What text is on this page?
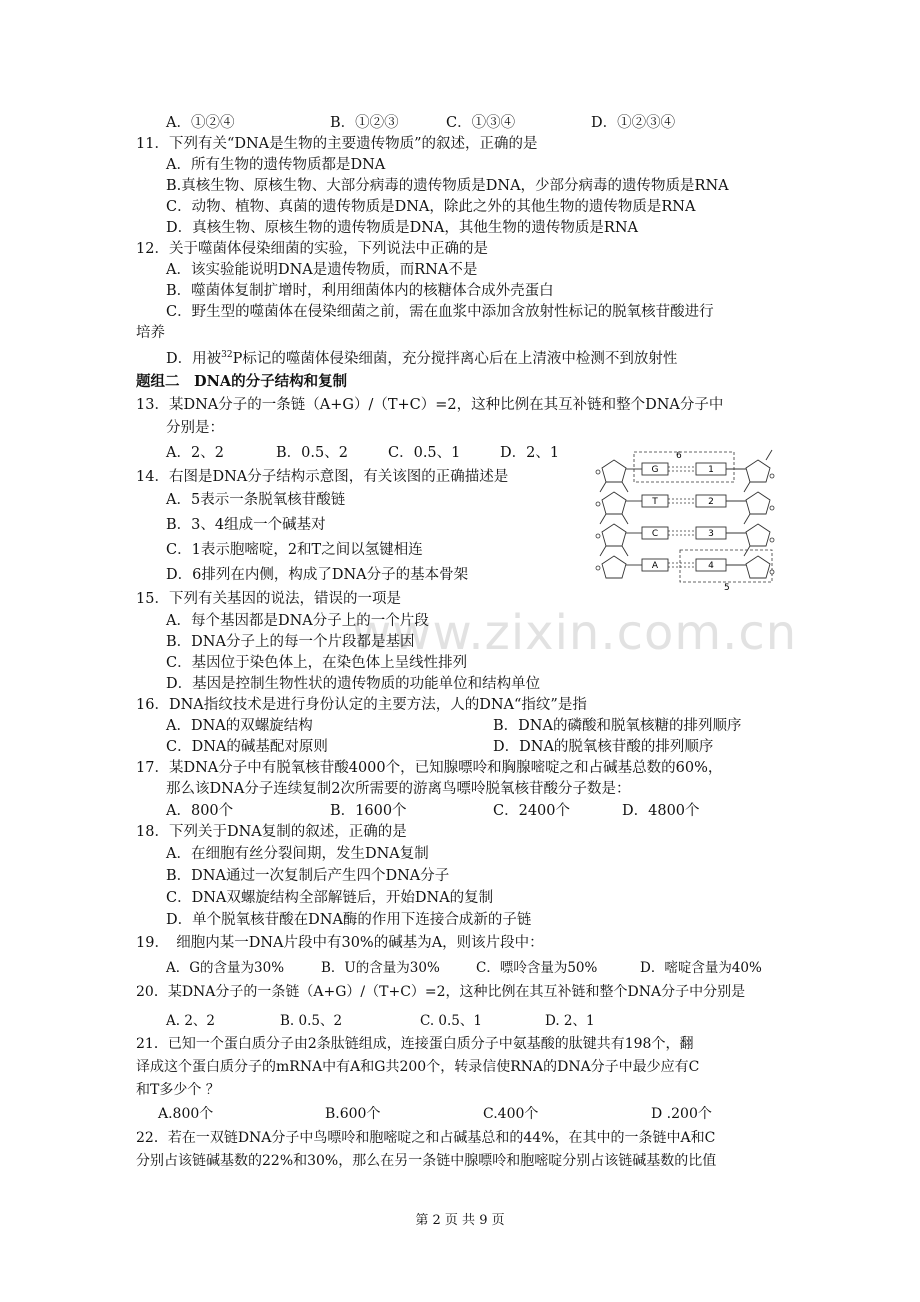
www.zixin.com.cn
A．①②④	B．①②③	C．①③④	D．①②③④
11．下列有关“DNA是生物的主要遗传物质”的叙述，正确的是
A．所有生物的遗传物质都是DNA
B.真核生物、原核生物、大部分病毒的遗传物质是DNA，少部分病毒的遗传物质是RNA
C．动物、植物、真菌的遗传物质是DNA，除此之外的其他生物的遗传物质是RNA
D．真核生物、原核生物的遗传物质是DNA，其他生物的遗传物质是RNA
12．关于噬菌体侵染细菌的实验，下列说法中正确的是
A．该实验能说明DNA是遗传物质，而RNA不是
B．噬菌体复制扩增时，利用细菌体内的核糖体合成外壳蛋白
C．野生型的噬菌体在侵染细菌之前，需在血浆中添加含放射性标记的脱氧核苷酸进行
培养
D．用被$^{32}$P标记的噬菌体侵染细菌，充分搅拌离心后在上清液中检测不到放射性
题组二　DNA的分子结构和复制
13．某DNA分子的一条链（A+G）/（T+C）=2，这种比例在其互补链和整个DNA分子中
分别是：
A．2、2	B．0.5、2	C．0.5、1	D．2、1
14．右图是DNA分子结构示意图，有关该图的正确描述是
A．5表示一条脱氧核苷酸链
B．3、4组成一个碱基对
C．1表示胞嘧啶，2和T之间以氢键相连
D．6排列在内侧，构成了DNA分子的基本骨架
6
5
G
T
C
A
1
2
3
4
15．下列有关基因的说法，错误的一项是
A．每个基因都是DNA分子上的一个片段
B．DNA分子上的每一个片段都是基因
C．基因位于染色体上，在染色体上呈线性排列
D．基因是控制生物性状的遗传物质的功能单位和结构单位
16．DNA指纹技术是进行身份认定的主要方法，人的DNA“指纹”是指
A．DNA的双螺旋结构	B．DNA的磷酸和脱氧核糖的排列顺序
C．DNA的碱基配对原则	D．DNA的脱氧核苷酸的排列顺序
17．某DNA分子中有脱氧核苷酸4000个，已知腺嘌呤和胸腺嘧啶之和占碱基总数的60%，
那么该DNA分子连续复制2次所需要的游离鸟嘌呤脱氧核苷酸分子数是：
A．800个	B．1600个	C．2400个	D．4800个
18．下列关于DNA复制的叙述，正确的是
A．在细胞有丝分裂间期，发生DNA复制
B．DNA通过一次复制后产生四个DNA分子
C．DNA双螺旋结构全部解链后，开始DNA的复制
D．单个脱氧核苷酸在DNA酶的作用下连接合成新的子链
19．　细胞内某一DNA片段中有30%的碱基为A，则该片段中：
A．G的含量为30%	B．U的含量为30%	C．嘌呤含量为50%	D．嘧啶含量为40%
20．某DNA分子的一条链（A+G）/（T+C）=2，这种比例在其互补链和整个DNA分子中分别是
A. 2、2	B. 0.5、2	C. 0.5、1	D. 2、1
21．已知一个蛋白质分子由2条肽链组成，连接蛋白质分子中氨基酸的肽键共有198个，翻
译成这个蛋白质分子的mRNA中有A和G共200个，转录信使RNA的DNA分子中最少应有C
和T多少个 ？
A.800个	B.600个	C.400个	D .200个
22．若在一双链DNA分子中鸟嘌呤和胞嘧啶之和占碱基总和的44%，在其中的一条链中A和C
分别占该链碱基数的22%和30%，那么在另一条链中腺嘌呤和胞嘧啶分别占该链碱基数的比值
第 2 页 共 9 页
